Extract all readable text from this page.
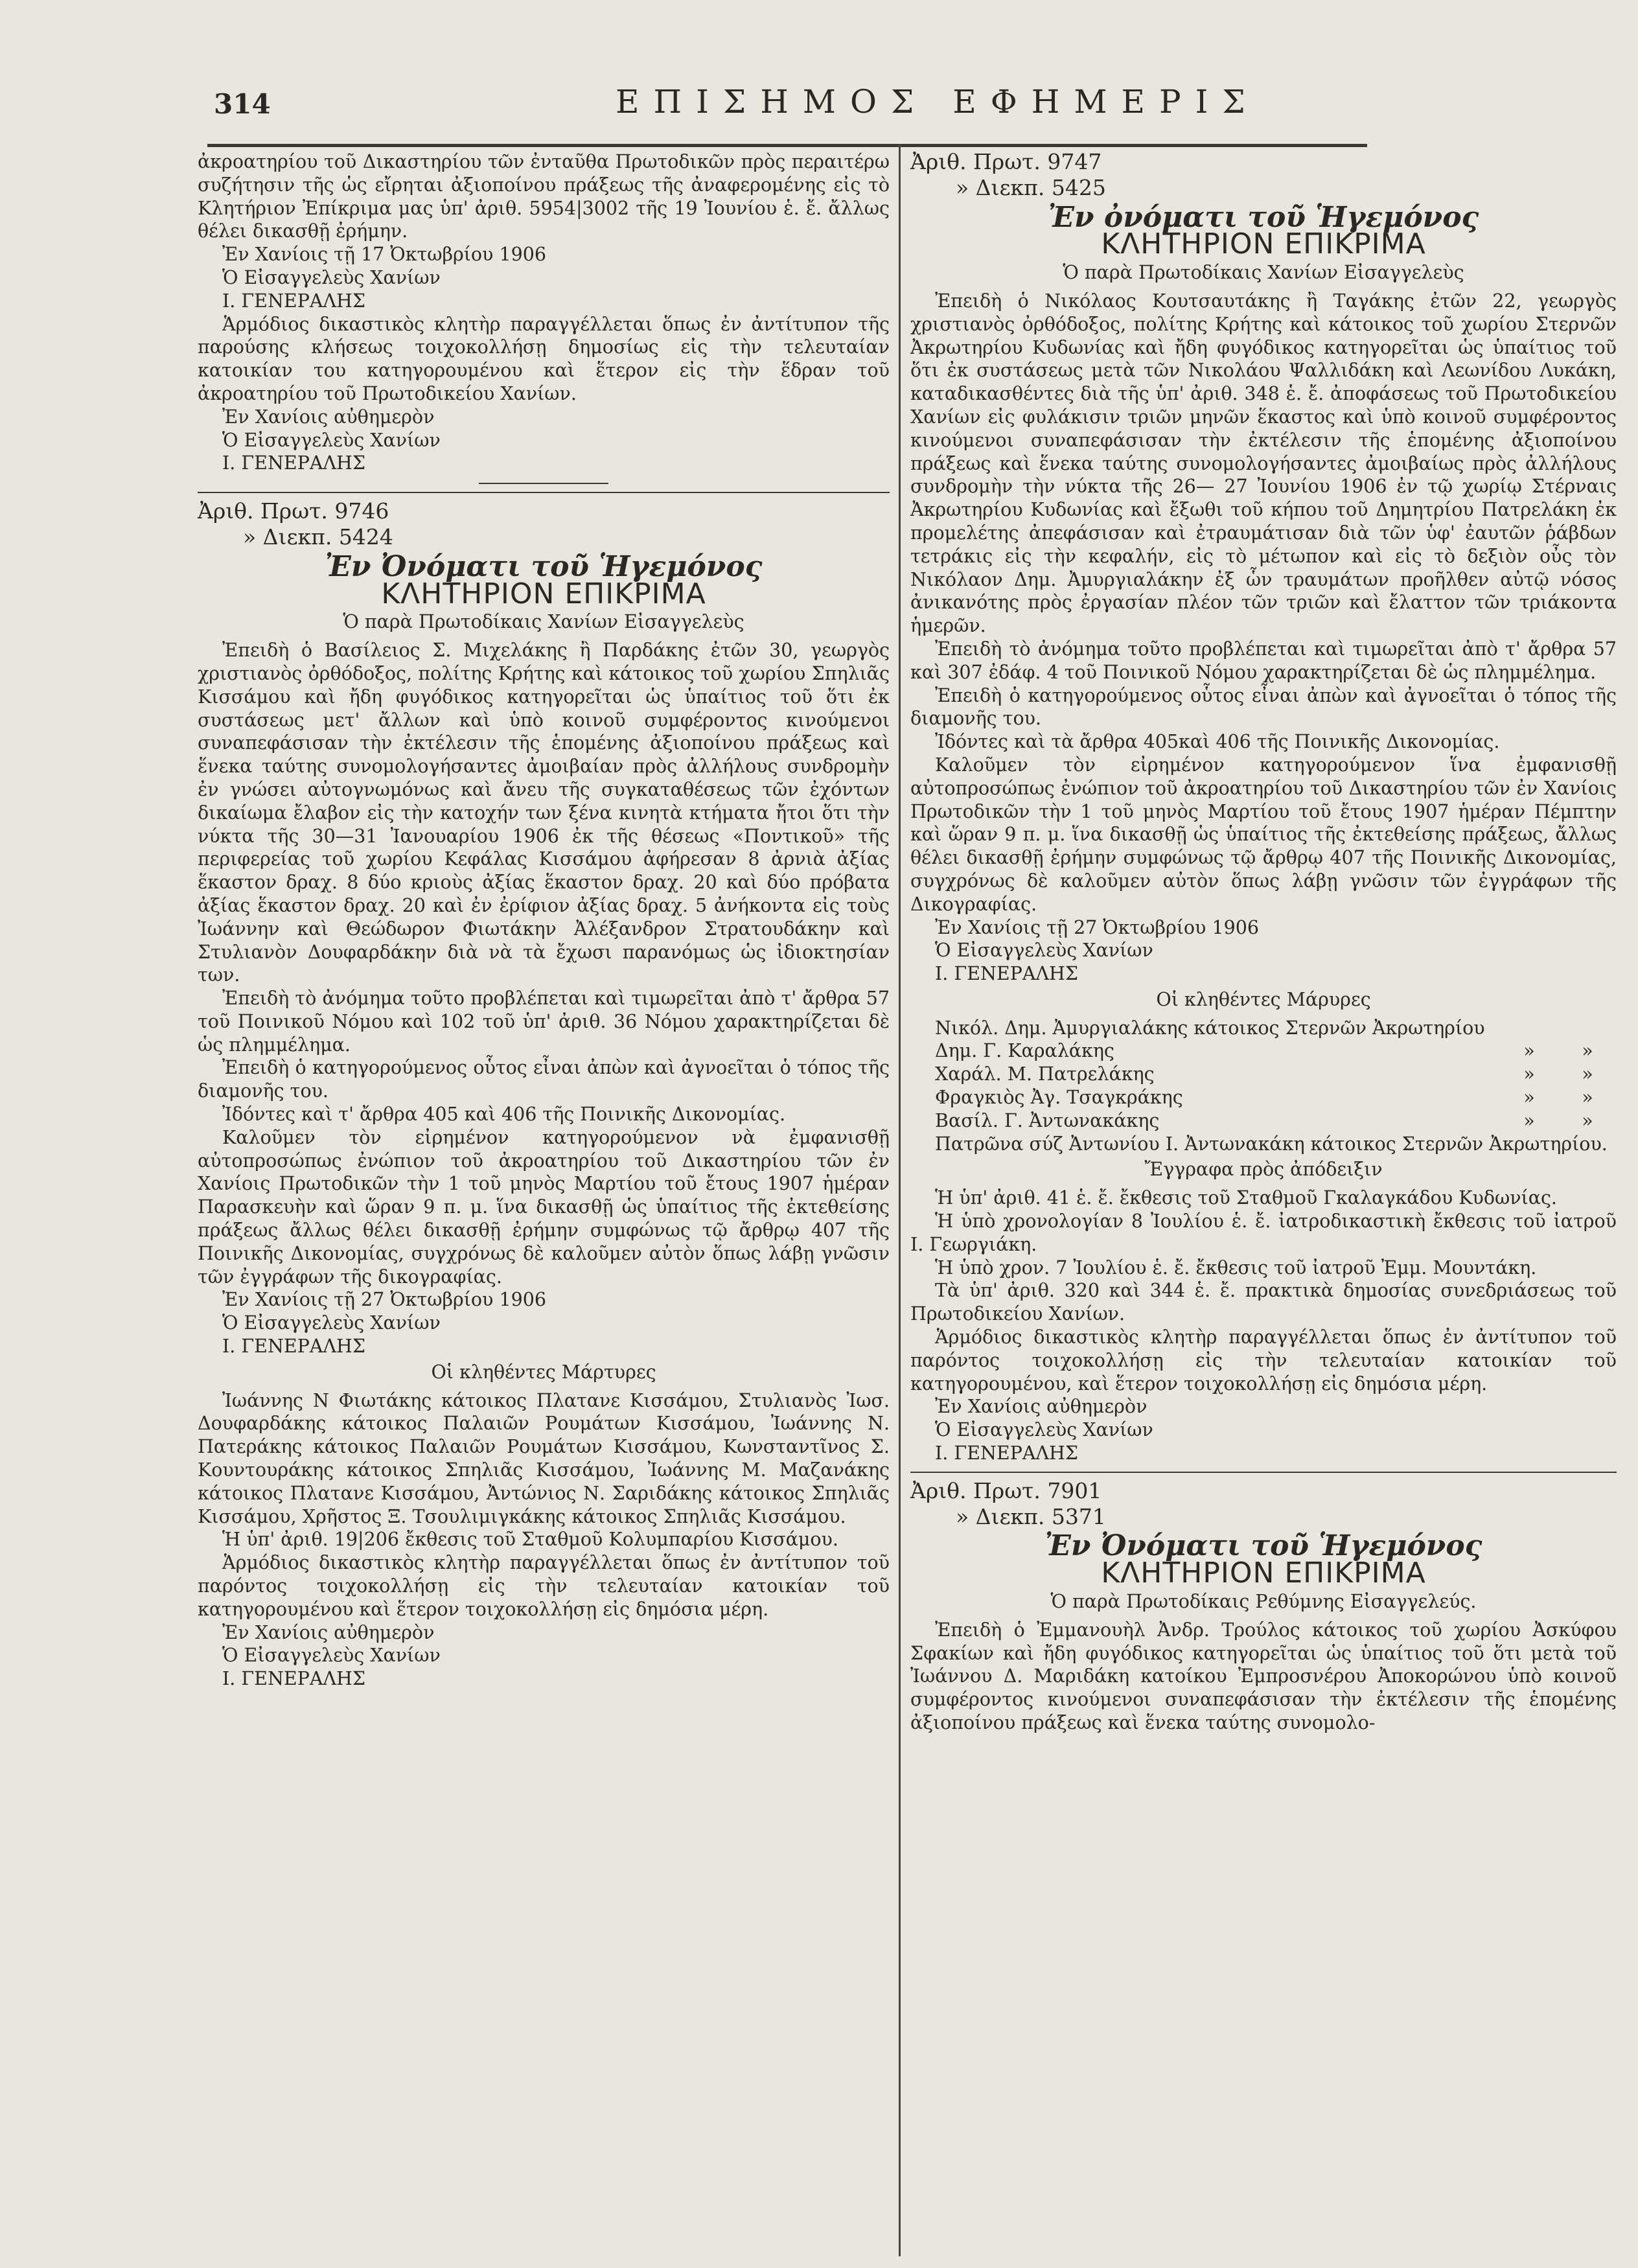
314	ΕΠΙΣΗΜΟΣ ΕΦΗΜΕΡΙΣ

ἀκροατηρίου τοῦ Δικαστηρίου τῶν ἐνταῦθα Πρωτοδικῶν πρὸς περαιτέρω συζήτησιν τῆς ὡς εἴρηται ἀξιοποίνου πράξεως τῆς ἀναφερομένης εἰς τὸ Κλητήριον Ἐπίκριμα μας ὑπ' ἀριθ. 5954|3002 τῆς 19 Ἰουνίου ἑ. ἔ. ἄλλως θέλει δικασθῇ ἐρήμην.

Ἐν Χανίοις τῇ 17 Ὀκτωβρίου 1906

Ὁ Εἰσαγγελεὺς Χανίων

Ι. ΓΕΝΕΡΑΛΗΣ

Ἁρμόδιος δικαστικὸς κλητὴρ παραγγέλλεται ὅπως ἐν ἀντίτυπον τῆς παρούσης κλήσεως τοιχοκολλήσῃ δημοσίως εἰς τὴν τελευταίαν κατοικίαν του κατηγορουμένου καὶ ἕτερον εἰς τὴν ἕδραν τοῦ ἀκροατηρίου τοῦ Πρωτοδικείου Χανίων.

Ἐν Χανίοις αὐθημερὸν

Ὁ Εἰσαγγελεὺς Χανίων

Ι. ΓΕΝΕΡΑΛΗΣ

Ἀριθ. Πρωτ. 9746
» Διεκπ. 5424
Ἐν Ὀνόματι τοῦ Ἡγεμόνος
ΚΛΗΤΗΡΙΟΝ ΕΠΙΚΡΙΜΑ
Ὁ παρὰ Πρωτοδίκαις Χανίων Εἰσαγγελεὺς

Ἐπειδὴ ὁ Βασίλειος Σ. Μιχελάκης ἢ Παρδάκης ἐτῶν 30, γεωργὸς χριστιανὸς ὀρθόδοξος, πολίτης Κρήτης καὶ κάτοικος τοῦ χωρίου Σπηλιᾶς Κισσάμου καὶ ἤδη φυγόδικος κατηγορεῖται ὡς ὑπαίτιος τοῦ ὅτι ἐκ συστάσεως μετ' ἄλλων καὶ ὑπὸ κοινοῦ συμφέροντος κινούμενοι συναπεφάσισαν τὴν ἐκτέλεσιν τῆς ἑπομένης ἀξιοποίνου πράξεως καὶ ἕνεκα ταύτης συνομολογήσαντες ἀμοιβαίαν πρὸς ἀλλήλους συνδρομὴν ἐν γνώσει αὐτογνωμόνως καὶ ἄνευ τῆς συγκαταθέσεως τῶν ἐχόντων δικαίωμα ἔλαβον εἰς τὴν κατοχήν των ξένα κινητὰ κτήματα ἤτοι ὅτι τὴν νύκτα τῆς 30—31 Ἰανουαρίου 1906 ἐκ τῆς θέσεως «Ποντικοῦ» τῆς περιφερείας τοῦ χωρίου Κεφάλας Κισσάμου ἀφήρεσαν 8 ἀρνιὰ ἀξίας ἕκαστον δραχ. 8 δύο κριοὺς ἀξίας ἕκαστον δραχ. 20 καὶ δύο πρόβατα ἀξίας ἕκαστον δραχ. 20 καὶ ἐν ἐρίφιον ἀξίας δραχ. 5 ἀνήκοντα εἰς τοὺς Ἰωάννην καὶ Θεώδωρον Φιωτάκην Ἀλέξανδρον Στρατουδάκην καὶ Στυλιανὸν Δουφαρδάκην διὰ νὰ τὰ ἔχωσι παρανόμως ὡς ἰδιοκτησίαν των.

Ἐπειδὴ τὸ ἀνόμημα τοῦτο προβλέπεται καὶ τιμωρεῖται ἀπὸ τ' ἄρθρα 57 τοῦ Ποινικοῦ Νόμου καὶ 102 τοῦ ὑπ' ἀριθ. 36 Νόμου χαρακτηρίζεται δὲ ὡς πλημμέλημα.

Ἐπειδὴ ὁ κατηγορούμενος οὗτος εἶναι ἀπὼν καὶ ἀγνοεῖται ὁ τόπος τῆς διαμονῆς του.

Ἰδόντες καὶ τ' ἄρθρα 405 καὶ 406 τῆς Ποινικῆς Δικονομίας.

Καλοῦμεν τὸν εἰρημένον κατηγορούμενον νὰ ἐμφανισθῇ αὐτοπροσώπως ἐνώπιον τοῦ ἀκροατηρίου τοῦ Δικαστηρίου τῶν ἐν Χανίοις Πρωτοδικῶν τὴν 1 τοῦ μηνὸς Μαρτίου τοῦ ἔτους 1907 ἡμέραν Παρασκευὴν καὶ ὥραν 9 π. μ. ἵνα δικασθῇ ὡς ὑπαίτιος τῆς ἐκτεθείσης πράξεως ἄλλως θέλει δικασθῇ ἐρήμην συμφώνως τῷ ἄρθρῳ 407 τῆς Ποινικῆς Δικονομίας, συγχρόνως δὲ καλοῦμεν αὐτὸν ὅπως λάβῃ γνῶσιν τῶν ἐγγράφων τῆς δικογραφίας.

Ἐν Χανίοις τῇ 27 Ὀκτωβρίου 1906

Ὁ Εἰσαγγελεὺς Χανίων

Ι. ΓΕΝΕΡΑΛΗΣ

Οἱ κληθέντες Μάρτυρες

Ἰωάννης Ν Φιωτάκης κάτοικος Πλατανε Κισσάμου, Στυλιανὸς Ἰωσ. Δουφαρδάκης κάτοικος Παλαιῶν Ρουμάτων Κισσάμου, Ἰωάννης Ν. Πατεράκης κάτοικος Παλαιῶν Ρουμάτων Κισσάμου, Κωνσταντῖνος Σ. Κουντουράκης κάτοικος Σπηλιᾶς Κισσάμου, Ἰωάννης Μ. Μαζανάκης κάτοικος Πλατανε Κισσάμου, Ἀντώνιος Ν. Σαριδάκης κάτοικος Σπηλιᾶς Κισσάμου, Χρῆστος Ξ. Τσουλιμιγκάκης κάτοικος Σπηλιᾶς Κισσάμου.

Ἡ ὑπ' ἀριθ. 19|206 ἔκθεσις τοῦ Σταθμοῦ Κολυμπαρίου Κισσάμου.

Ἁρμόδιος δικαστικὸς κλητὴρ παραγγέλλεται ὅπως ἐν ἀντίτυπον τοῦ παρόντος τοιχοκολλήσῃ εἰς τὴν τελευταίαν κατοικίαν τοῦ κατηγορουμένου καὶ ἕτερον τοιχοκολλήσῃ εἰς δημόσια μέρη.

Ἐν Χανίοις αὐθημερὸν

Ὁ Εἰσαγγελεὺς Χανίων

Ι. ΓΕΝΕΡΑΛΗΣ

Ἀριθ. Πρωτ. 9747
» Διεκπ. 5425
Ἐν ὀνόματι τοῦ Ἡγεμόνος
ΚΛΗΤΗΡΙΟΝ ΕΠΙΚΡΙΜΑ
Ὁ παρὰ Πρωτοδίκαις Χανίων Εἰσαγγελεὺς

Ἐπειδὴ ὁ Νικόλαος Κουτσαυτάκης ἢ Ταγάκης ἐτῶν 22, γεωργὸς χριστιανὸς ὀρθόδοξος, πολίτης Κρήτης καὶ κάτοικος τοῦ χωρίου Στερνῶν Ἀκρωτηρίου Κυδωνίας καὶ ἤδη φυγόδικος κατηγορεῖται ὡς ὑπαίτιος τοῦ ὅτι ἐκ συστάσεως μετὰ τῶν Νικολάου Ψαλλιδάκη καὶ Λεωνίδου Λυκάκη, καταδικασθέντες διὰ τῆς ὑπ' ἀριθ. 348 ἑ. ἔ. ἀποφάσεως τοῦ Πρωτοδικείου Χανίων εἰς φυλάκισιν τριῶν μηνῶν ἕκαστος καὶ ὑπὸ κοινοῦ συμφέροντος κινούμενοι συναπεφάσισαν τὴν ἐκτέλεσιν τῆς ἑπομένης ἀξιοποίνου πράξεως καὶ ἕνεκα ταύτης συνομολογήσαντες ἀμοιβαίως πρὸς ἀλλήλους συνδρομὴν τὴν νύκτα τῆς 26— 27 Ἰουνίου 1906 ἐν τῷ χωρίῳ Στέρναις Ἀκρωτηρίου Κυδωνίας καὶ ἔξωθι τοῦ κήπου τοῦ Δημητρίου Πατρελάκη ἐκ προμελέτης ἀπεφάσισαν καὶ ἐτραυμάτισαν διὰ τῶν ὑφ' ἐαυτῶν ῥάβδων τετράκις εἰς τὴν κεφαλήν, εἰς τὸ μέτωπον καὶ εἰς τὸ δεξιὸν οὖς τὸν Νικόλαον Δημ. Ἀμυργιαλάκην ἐξ ὧν τραυμάτων προῆλθεν αὐτῷ νόσος ἀνικανότης πρὸς ἐργασίαν πλέον τῶν τριῶν καὶ ἔλαττον τῶν τριάκοντα ἡμερῶν.

Ἐπειδὴ τὸ ἀνόμημα τοῦτο προβλέπεται καὶ τιμωρεῖται ἀπὸ τ' ἄρθρα 57 καὶ 307 ἐδάφ. 4 τοῦ Ποινικοῦ Νόμου χαρακτηρίζεται δὲ ὡς πλημμέλημα.

Ἐπειδὴ ὁ κατηγορούμενος οὗτος εἶναι ἀπὼν καὶ ἀγνοεῖται ὁ τόπος τῆς διαμονῆς του.

Ἰδόντες καὶ τὰ ἄρθρα 405καὶ 406 τῆς Ποινικῆς Δικονομίας.

Καλοῦμεν τὸν εἰρημένον κατηγορούμενον ἵνα ἐμφανισθῇ αὐτοπροσώπως ἐνώπιον τοῦ ἀκροατηρίου τοῦ Δικαστηρίου τῶν ἐν Χανίοις Πρωτοδικῶν τὴν 1 τοῦ μηνὸς Μαρτίου τοῦ ἔτους 1907 ἡμέραν Πέμπτην καὶ ὥραν 9 π. μ. ἵνα δικασθῇ ὡς ὑπαίτιος τῆς ἐκτεθείσης πράξεως, ἄλλως θέλει δικασθῇ ἐρήμην συμφώνως τῷ ἄρθρῳ 407 τῆς Ποινικῆς Δικονομίας, συγχρόνως δὲ καλοῦμεν αὐτὸν ὅπως λάβῃ γνῶσιν τῶν ἐγγράφων τῆς Δικογραφίας.

Ἐν Χανίοις τῇ 27 Ὀκτωβρίου 1906

Ὁ Εἰσαγγελεὺς Χανίων

Ι. ΓΕΝΕΡΑΛΗΣ

Οἱ κληθέντες Μάρυρες
Νικόλ. Δημ. Ἀμυργιαλάκης κάτοικος Στερνῶν Ἀκρωτηρίου
Δημ. Γ. Καραλάκης	»	»
Χαράλ. Μ. Πατρελάκης	»	»
Φραγκιὸς Ἀγ. Τσαγκράκης	»	»
Βασίλ. Γ. Ἀντωνακάκης	»	»

Πατρῶνα σύζ Ἀντωνίου Ι. Ἀντωνακάκη κάτοικος Στερνῶν Ἀκρωτηρίου.

Ἔγγραφα πρὸς ἀπόδειξιν

Ἡ ὑπ' ἀριθ. 41 ἑ. ἔ. ἔκθεσις τοῦ Σταθμοῦ Γκαλαγκάδου Κυδωνίας.

Ἡ ὑπὸ χρονολογίαν 8 Ἰουλίου ἑ. ἔ. ἰατροδικαστικὴ ἔκθεσις τοῦ ἰατροῦ Ι. Γεωργιάκη.

Ἡ ὑπὸ χρον. 7 Ἰουλίου ἑ. ἔ. ἔκθεσις τοῦ ἰατροῦ Ἐμμ. Μουντάκη.

Τὰ ὑπ' ἀριθ. 320 καὶ 344 ἑ. ἔ. πρακτικὰ δημοσίας συνεδριάσεως τοῦ Πρωτοδικείου Χανίων.

Ἁρμόδιος δικαστικὸς κλητὴρ παραγγέλλεται ὅπως ἐν ἀντίτυπον τοῦ παρόντος τοιχοκολλήσῃ εἰς τὴν τελευταίαν κατοικίαν τοῦ κατηγορουμένου, καὶ ἕτερον τοιχοκολλήσῃ εἰς δημόσια μέρη.

Ἐν Χανίοις αὐθημερὸν

Ὁ Εἰσαγγελεὺς Χανίων

Ι. ΓΕΝΕΡΑΛΗΣ

Ἀριθ. Πρωτ. 7901
» Διεκπ. 5371
Ἐν Ὀνόματι τοῦ Ἡγεμόνος
ΚΛΗΤΗΡΙΟΝ ΕΠΙΚΡΙΜΑ
Ὁ παρὰ Πρωτοδίκαις Ρεθύμνης Εἰσαγγελεύς.

Ἐπειδὴ ὁ Ἐμμανουὴλ Ἀνδρ. Τρούλος κάτοικος τοῦ χωρίου Ἀσκύφου Σφακίων καὶ ἤδη φυγόδικος κατηγορεῖται ὡς ὑπαίτιος τοῦ ὅτι μετὰ τοῦ Ἰωάννου Δ. Μαριδάκη κατοίκου Ἐμπροσνέρου Ἀποκορώνου ὑπὸ κοινοῦ συμφέροντος κινούμενοι συναπεφάσισαν τὴν ἐκτέλεσιν τῆς ἑπομένης ἀξιοποίνου πράξεως καὶ ἕνεκα ταύτης συνομολο-
